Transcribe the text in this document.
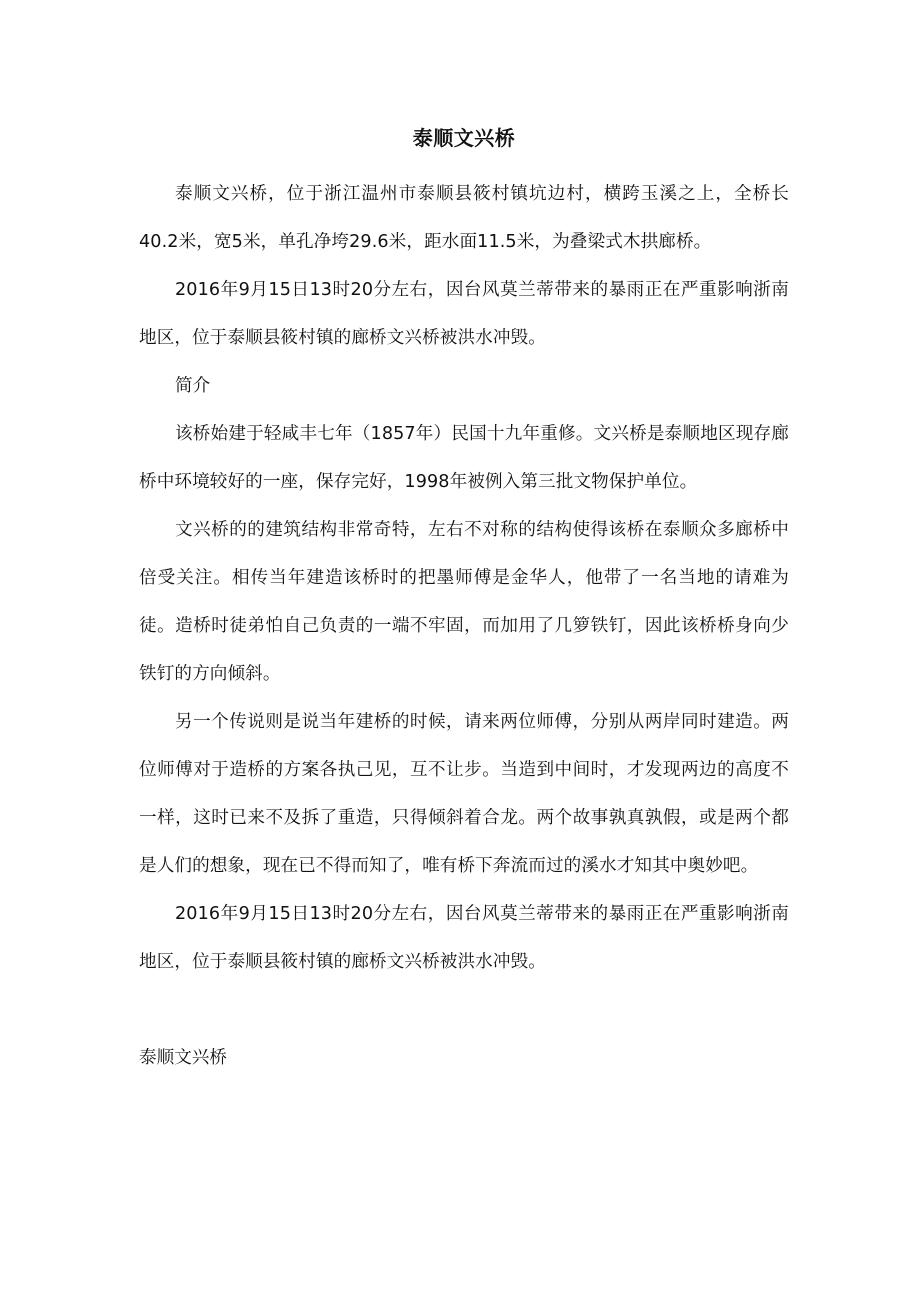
泰顺文兴桥

泰顺文兴桥，位于浙江温州市泰顺县筱村镇坑边村，横跨玉溪之上，全桥长40.2米，宽5米，单孔净垮29.6米，距水面11.5米，为叠梁式木拱廊桥。

2016年9月15日13时20分左右，因台风莫兰蒂带来的暴雨正在严重影响浙南地区，位于泰顺县筱村镇的廊桥文兴桥被洪水冲毁。

简介

该桥始建于轻咸丰七年（1857年）民国十九年重修。文兴桥是泰顺地区现存廊桥中环境较好的一座，保存完好，1998年被例入第三批文物保护单位。

文兴桥的的建筑结构非常奇特，左右不对称的结构使得该桥在泰顺众多廊桥中倍受关注。相传当年建造该桥时的把墨师傅是金华人，他带了一名当地的请难为徒。造桥时徒弟怕自己负责的一端不牢固，而加用了几箩铁钉，因此该桥桥身向少铁钉的方向倾斜。

另一个传说则是说当年建桥的时候，请来两位师傅，分别从两岸同时建造。两位师傅对于造桥的方案各执己见，互不让步。当造到中间时，才发现两边的高度不一样，这时已来不及拆了重造，只得倾斜着合龙。两个故事孰真孰假，或是两个都是人们的想象，现在已不得而知了，唯有桥下奔流而过的溪水才知其中奥妙吧。

2016年9月15日13时20分左右，因台风莫兰蒂带来的暴雨正在严重影响浙南地区，位于泰顺县筱村镇的廊桥文兴桥被洪水冲毁。

泰顺文兴桥
